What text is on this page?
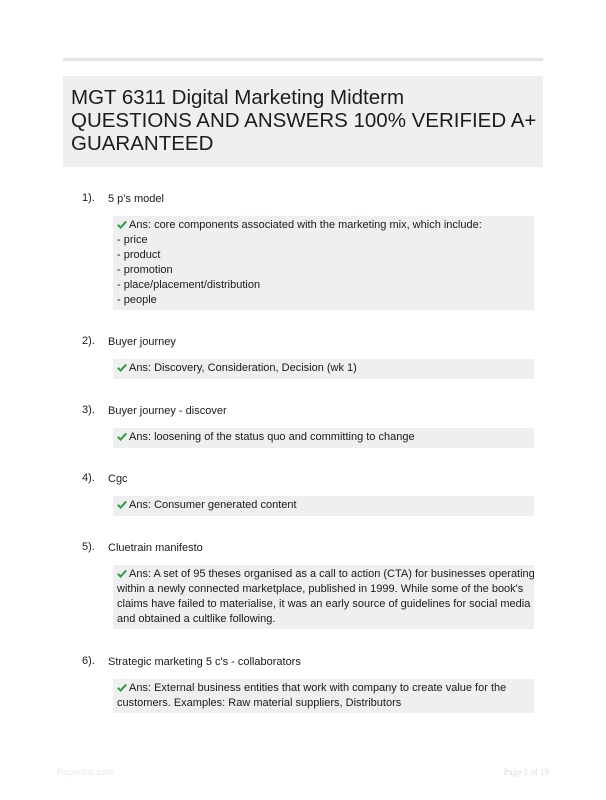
MGT 6311 Digital Marketing Midterm
QUESTIONS AND ANSWERS 100% VERIFIED A+
GUARANTEED
1). 5 p's model
Ans: core components associated with the marketing mix, which include:
- price
- product
- promotion
- place/placement/distribution
- people
2). Buyer journey
Ans: Discovery, Consideration, Decision (wk 1)
3). Buyer journey - discover
Ans: loosening of the status quo and committing to change
4). Cgc
Ans: Consumer generated content
5). Cluetrain manifesto
Ans: A set of 95 theses organised as a call to action (CTA) for businesses operating
within a newly connected marketplace, published in 1999. While some of the book's
claims have failed to materialise, it was an early source of guidelines for social media
and obtained a cultlike following.
6). Strategic marketing 5 c's - collaborators
Ans: External business entities that work with company to create value for the
customers. Examples: Raw material suppliers, Distributors
Paperlibs.com	Page 1 of 19
